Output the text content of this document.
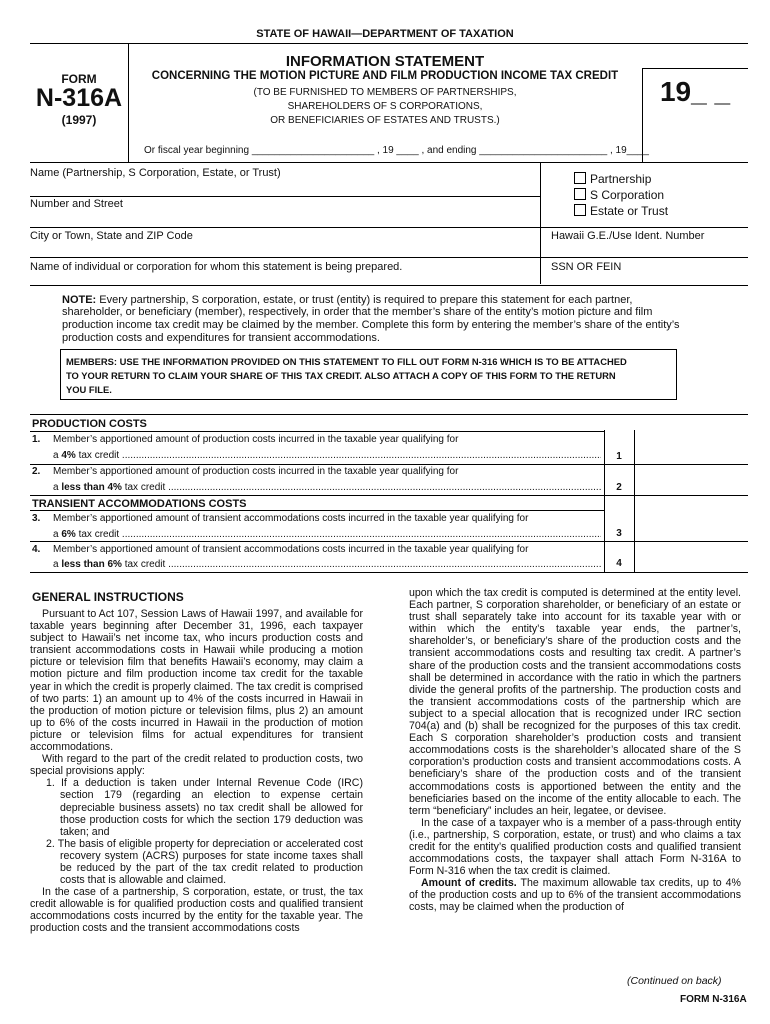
STATE OF HAWAII—DEPARTMENT OF TAXATION
FORM
N-316A
(1997)
INFORMATION STATEMENT
CONCERNING THE MOTION PICTURE AND FILM PRODUCTION INCOME TAX CREDIT
(TO BE FURNISHED TO MEMBERS OF PARTNERSHIPS,
SHAREHOLDERS OF S CORPORATIONS,
OR BENEFICIARIES OF ESTATES AND TRUSTS.)
19_ _
Or fiscal year beginning ______________________ , 19 ____ , and ending _______________________ , 19____
Name (Partnership, S Corporation, Estate, or Trust)	Partnership
S Corporation
Estate or Trust
Number and Street
City or Town, State and ZIP Code	Hawaii G.E./Use Ident. Number
Name of individual or corporation for whom this statement is being prepared.	SSN OR FEIN
NOTE: Every partnership, S corporation, estate, or trust (entity) is required to prepare this statement for each partner,
shareholder, or beneficiary (member), respectively, in order that the member’s share of the entity’s motion picture and film
production income tax credit may be claimed by the member. Complete this form by entering the member’s share of the entity’s
production costs and expenditures for transient accommodations.
MEMBERS: USE THE INFORMATION PROVIDED ON THIS STATEMENT TO FILL OUT FORM N-316 WHICH IS TO BE ATTACHED
TO YOUR RETURN TO CLAIM YOUR SHARE OF THIS TAX CREDIT. ALSO ATTACH A COPY OF THIS FORM TO THE RETURN
YOU FILE.
PRODUCTION COSTS
1. Member’s apportioned amount of production costs incurred in the taxable year qualifying for
a 4% tax credit .....	1
2. Member’s apportioned amount of production costs incurred in the taxable year qualifying for
a less than 4% tax credit .....	2
TRANSIENT ACCOMMODATIONS COSTS
3. Member’s apportioned amount of transient accommodations costs incurred in the taxable year qualifying for
a 6% tax credit .....	3
4. Member’s apportioned amount of transient accommodations costs incurred in the taxable year qualifying for
a less than 6% tax credit .....	4
GENERAL INSTRUCTIONS

Pursuant to Act 107, Session Laws of Hawaii 1997, and available for taxable years beginning after December 31, 1996, each taxpayer subject to Hawaii’s net income tax, who incurs production costs and transient accommodations costs in Hawaii while producing a motion picture or television film that benefits Hawaii’s economy, may claim a motion picture and film production income tax credit for the taxable year in which the credit is properly claimed. The tax credit is comprised of two parts: 1) an amount up to 4% of the costs incurred in Hawaii in the production of motion picture or television films, plus 2) an amount up to 6% of the costs incurred in Hawaii in the production of motion picture or television films for actual expenditures for transient accommodations.

With regard to the part of the credit related to production costs, two special provisions apply:

1. If a deduction is taken under Internal Revenue Code (IRC) section 179 (regarding an election to expense certain depreciable business assets) no tax credit shall be allowed for those production costs for which the section 179 deduction was taken; and

2. The basis of eligible property for depreciation or accelerated cost recovery system (ACRS) purposes for state income taxes shall be reduced by the part of the tax credit related to production costs that is allowable and claimed.

In the case of a partnership, S corporation, estate, or trust, the tax credit allowable is for qualified production costs and qualified transient accommodations costs incurred by the entity for the taxable year. The production costs and the transient accommodations costs

upon which the tax credit is computed is determined at the entity level. Each partner, S corporation shareholder, or beneficiary of an estate or trust shall separately take into account for its taxable year with or within which the entity’s taxable year ends, the partner’s, shareholder’s, or beneficiary’s share of the production costs and the transient accommodations costs and resulting tax credit. A partner’s share of the production costs and the transient accommodations costs shall be determined in accordance with the ratio in which the partners divide the general profits of the partnership. The production costs and the transient accommodations costs of the partnership which are subject to a special allocation that is recognized under IRC section 704(a) and (b) shall be recognized for the purposes of this tax credit. Each S corporation shareholder’s production costs and transient accommodations costs is the shareholder’s allocated share of the S corporation’s production costs and transient accommodations costs. A beneficiary’s share of the production costs and of the transient accommodations costs is apportioned between the entity and the beneficiaries based on the income of the entity allocable to each. The term “beneficiary” includes an heir, legatee, or devisee.

In the case of a taxpayer who is a member of a pass-through entity (i.e., partnership, S corporation, estate, or trust) and who claims a tax credit for the entity’s qualified production costs and qualified transient accommodations costs, the taxpayer shall attach Form N-316A to Form N-316 when the tax credit is claimed.

Amount of credits. The maximum allowable tax credits, up to 4% of the production costs and up to 6% of the transient accommodations costs, may be claimed when the production of

(Continued on back)
FORM N-316A
